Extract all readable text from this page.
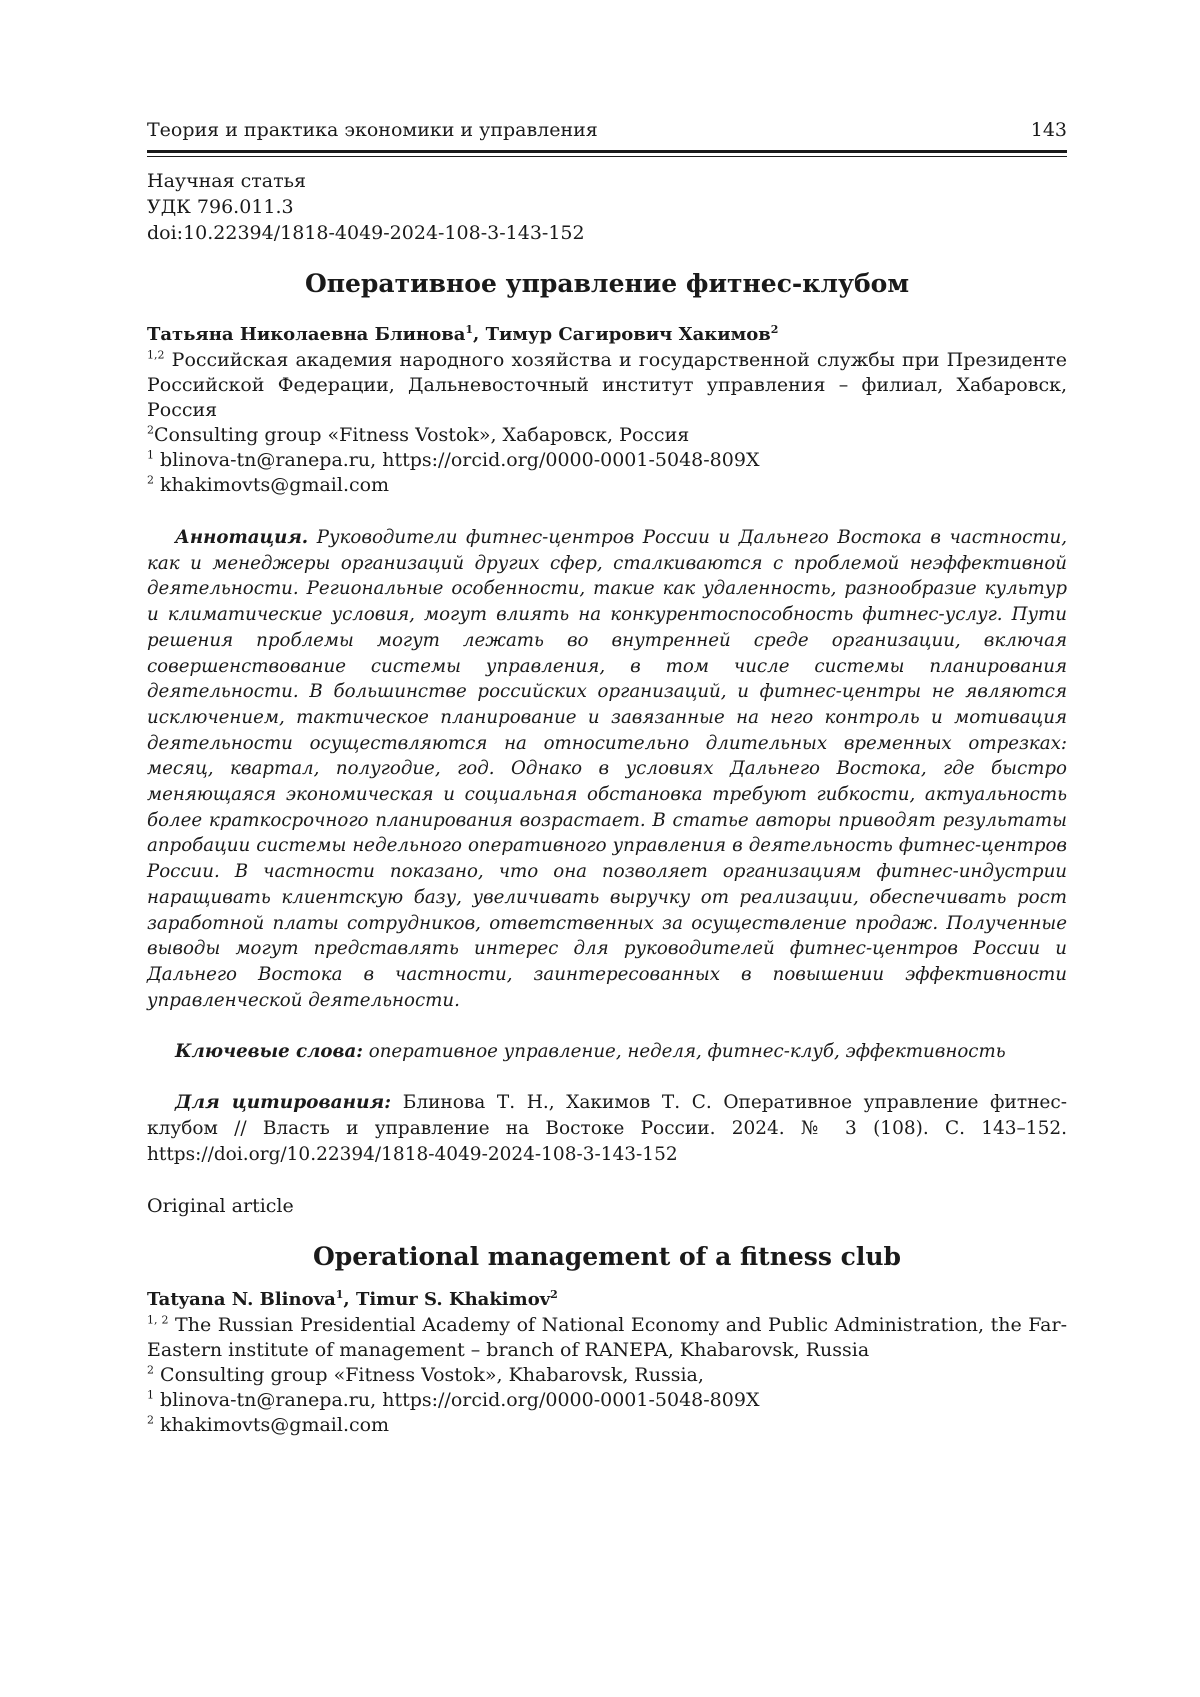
Теория и практика экономики и управления	143
Научная статья
УДК 796.011.3
doi:10.22394/1818-4049-2024-108-3-143-152
Оперативное управление фитнес-клубом
Татьяна Николаевна Блинова1, Тимур Сагирович Хакимов2
1,2 Российская академия народного хозяйства и государственной службы при Президенте Российской Федерации, Дальневосточный институт управления – филиал, Хабаровск, Россия
2Consulting group «Fitness Vostok», Хабаровск, Россия
1 blinova-tn@ranepa.ru, https://orcid.org/0000-0001-5048-809X
2 khakimovts@gmail.com
Аннотация. Руководители фитнес-центров России и Дальнего Востока в частности, как и менеджеры организаций других сфер, сталкиваются с проблемой неэффективной деятельности. Региональные особенности, такие как удаленность, разнообразие культур и климатические условия, могут влиять на конкурентоспособность фитнес-услуг. Пути решения проблемы могут лежать во внутренней среде организации, включая совершенствование системы управления, в том числе системы планирования деятельности. В большинстве российских организаций, и фитнес-центры не являются исключением, тактическое планирование и завязанные на него контроль и мотивация деятельности осуществляются на относительно длительных временных отрезках: месяц, квартал, полугодие, год. Однако в условиях Дальнего Востока, где быстро меняющаяся экономическая и социальная обстановка требуют гибкости, актуальность более краткосрочного планирования возрастает. В статье авторы приводят результаты апробации системы недельного оперативного управления в деятельность фитнес-центров России. В частности показано, что она позволяет организациям фитнес-индустрии наращивать клиентскую базу, увеличивать выручку от реализации, обеспечивать рост заработной платы сотрудников, ответственных за осуществление продаж. Полученные выводы могут представлять интерес для руководителей фитнес-центров России и Дальнего Востока в частности, заинтересованных в повышении эффективности управленческой деятельности.
Ключевые слова: оперативное управление, неделя, фитнес-клуб, эффективность
Для цитирования: Блинова Т. Н., Хакимов Т. С. Оперативное управление фитнес-клубом // Власть и управление на Востоке России. 2024. № 3 (108). С. 143–152. https://doi.org/10.22394/1818-4049-2024-108-3-143-152
Original article
Operational management of a fitness club
Tatyana N. Blinova1, Timur S. Khakimov2
1, 2 The Russian Presidential Academy of National Economy and Public Administration, the Far-Eastern institute of management – branch of RANEPA, Khabarovsk, Russia
2 Consulting group «Fitness Vostok», Khabarovsk, Russia,
1 blinova-tn@ranepa.ru, https://orcid.org/0000-0001-5048-809X
2 khakimovts@gmail.com
